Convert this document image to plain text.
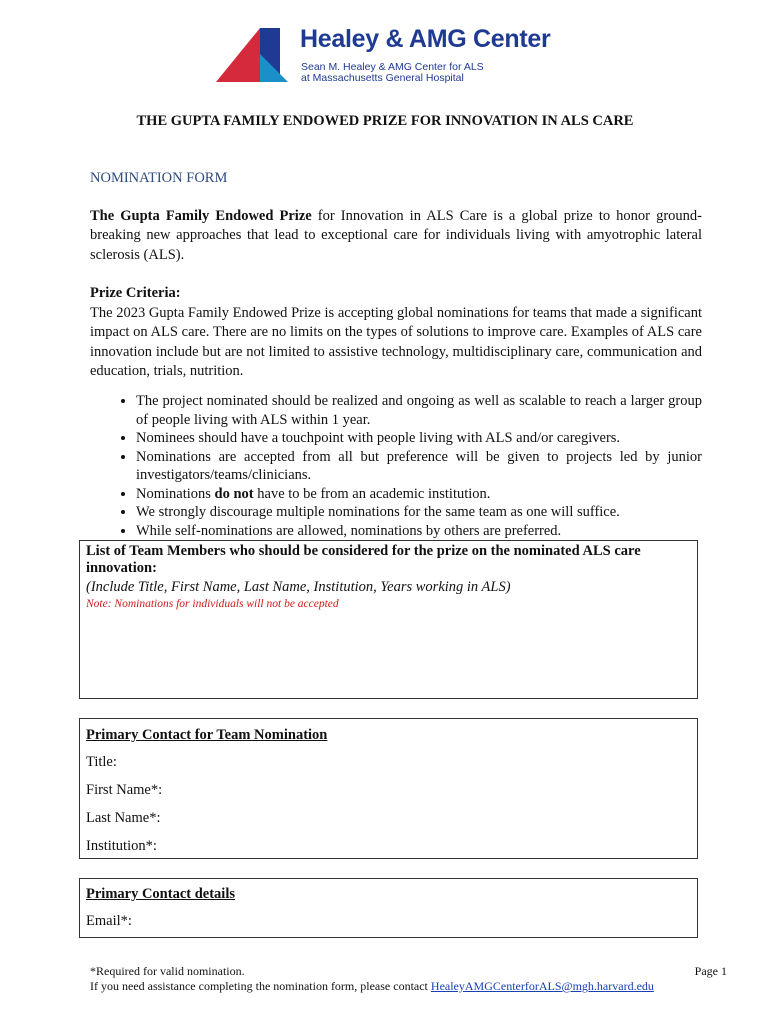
Healey & AMG Center
Sean M. Healey & AMG Center for ALS
at Massachusetts General Hospital
THE GUPTA FAMILY ENDOWED PRIZE FOR INNOVATION IN ALS CARE
NOMINATION FORM
The Gupta Family Endowed Prize for Innovation in ALS Care is a global prize to honor ground-breaking new approaches that lead to exceptional care for individuals living with amyotrophic lateral sclerosis (ALS).
Prize Criteria:
The 2023 Gupta Family Endowed Prize is accepting global nominations for teams that made a significant impact on ALS care. There are no limits on the types of solutions to improve care. Examples of ALS care innovation include but are not limited to assistive technology, multidisciplinary care, communication and education, trials, nutrition.
• The project nominated should be realized and ongoing as well as scalable to reach a larger group of people living with ALS within 1 year.
• Nominees should have a touchpoint with people living with ALS and/or caregivers.
• Nominations are accepted from all but preference will be given to projects led by junior investigators/teams/clinicians.
• Nominations do not have to be from an academic institution.
• We strongly discourage multiple nominations for the same team as one will suffice.
• While self-nominations are allowed, nominations by others are preferred.
List of Team Members who should be considered for the prize on the nominated ALS care innovation:
(Include Title, First Name, Last Name, Institution, Years working in ALS)
Note: Nominations for individuals will not be accepted
Primary Contact for Team Nomination
Title:
First Name*:
Last Name*:
Institution*:
Primary Contact details
Email*:
*Required for valid nomination.	Page 1
If you need assistance completing the nomination form, please contact HealeyAMGCenterforALS@mgh.harvard.edu
